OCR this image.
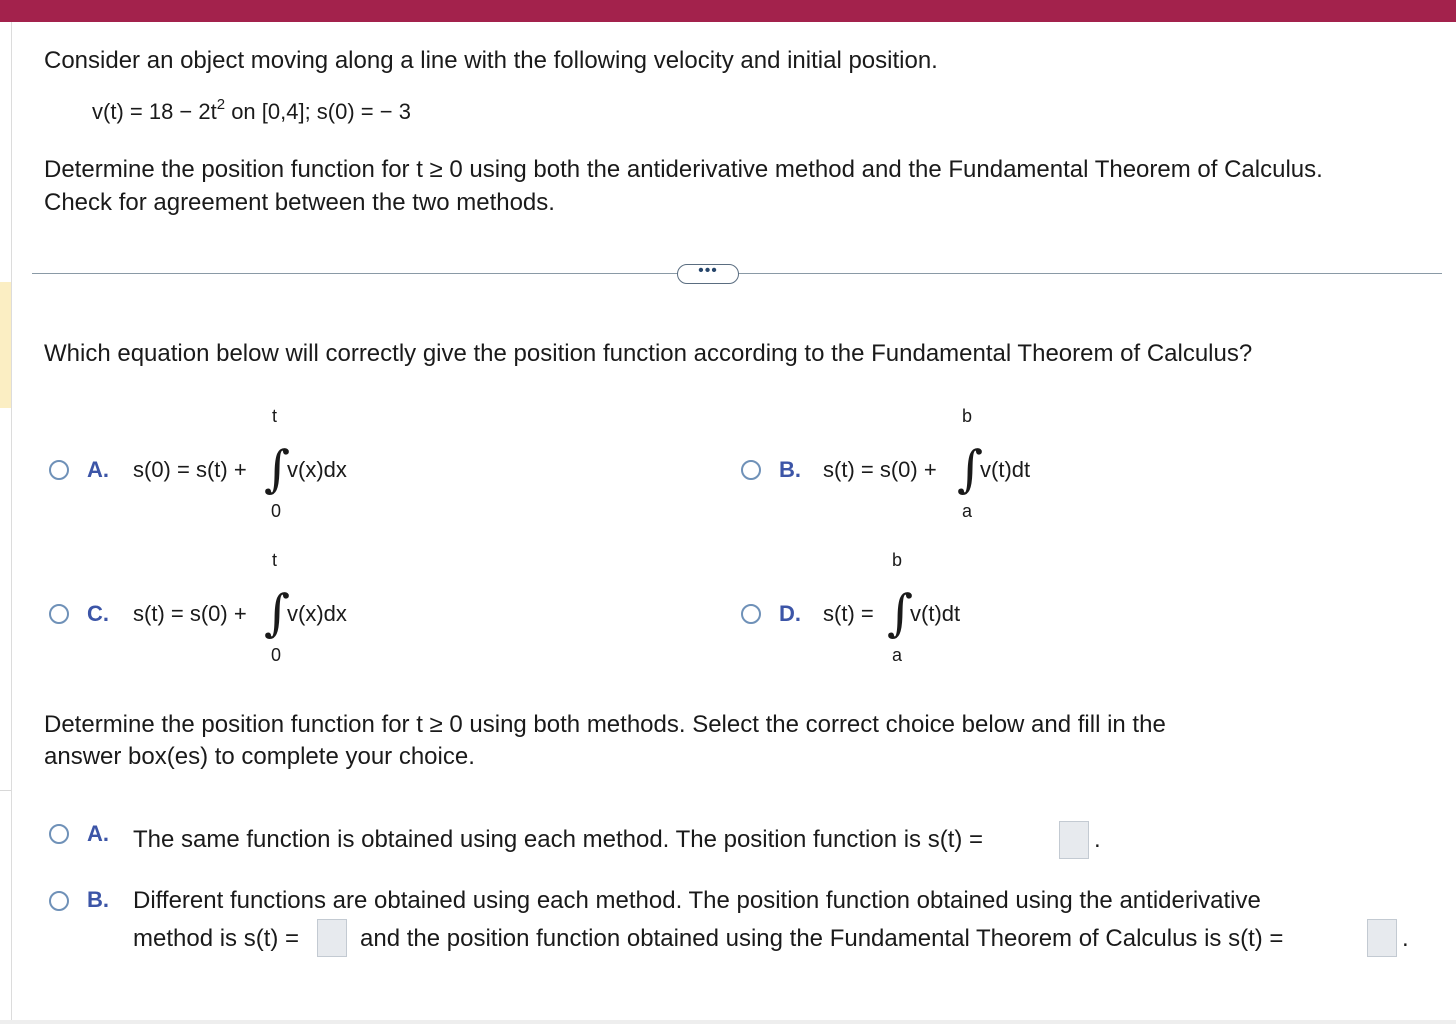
Consider an object moving along a line with the following velocity and initial position.
$v(t) = 18 - 2t^2$ on [0,4]; s(0) = − 3
Determine the position function for t ≥ 0 using both the antiderivative method and the Fundamental Theorem of Calculus.
Check for agreement between the two methods.
•••
Which equation below will correctly give the position function according to the Fundamental Theorem of Calculus?
A. s(0) = s(t) +
t
∫
0
v(x)dx	B. s(t) = s(0) +
b
∫
a
v(t)dt
C. s(t) = s(0) +
t
∫
0
v(x)dx	D. s(t) =
b
∫
a
v(t)dt
Determine the position function for t ≥ 0 using both methods. Select the correct choice below and fill in the
answer box(es) to complete your choice.
A. The same function is obtained using each method. The position function is s(t) =	.
B. Different functions are obtained using each method. The position function obtained using the antiderivative
method is s(t) =	and the position function obtained using the Fundamental Theorem of Calculus is s(t) =	.
